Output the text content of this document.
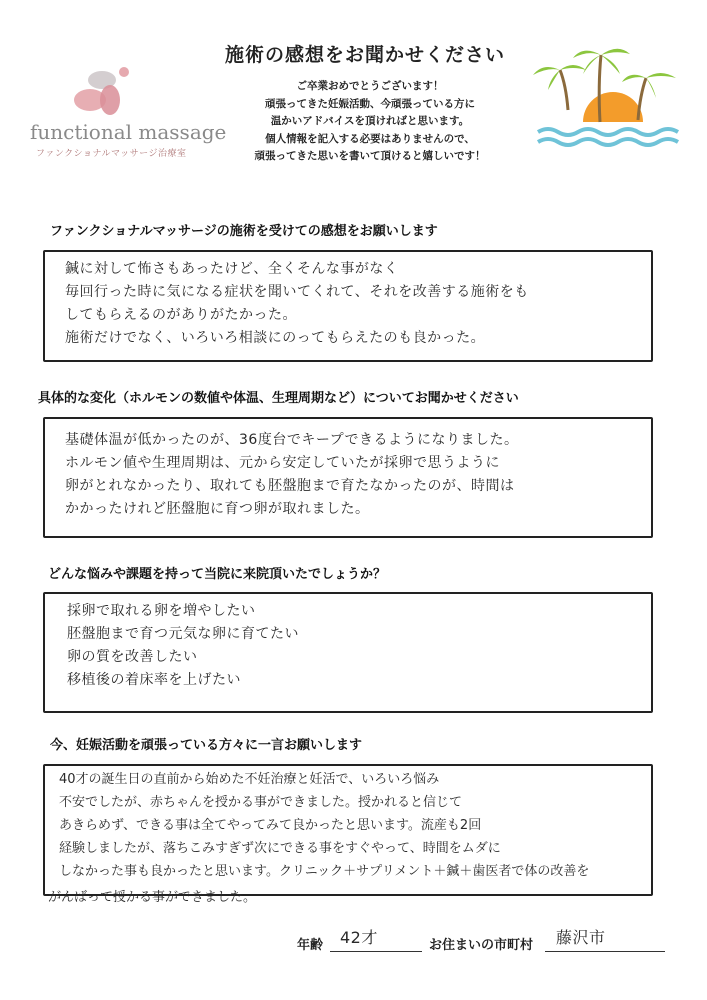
functional massage
ファンクショナルマッサージ治療室
施術の感想をお聞かせください
ご卒業おめでとうございます！
頑張ってきた妊娠活動、今頑張っている方に
温かいアドバイスを頂ければと思います。
個人情報を記入する必要はありませんので、
頑張ってきた思いを書いて頂けると嬉しいです！
ファンクショナルマッサージの施術を受けての感想をお願いします
鍼に対して怖さもあったけど、全くそんな事がなく
毎回行った時に気になる症状を聞いてくれて、それを改善する施術をも
してもらえるのがありがたかった。
施術だけでなく、いろいろ相談にのってもらえたのも良かった。
具体的な変化（ホルモンの数値や体温、生理周期など）についてお聞かせください
基礎体温が低かったのが、36度台でキープできるようになりました。
ホルモン値や生理周期は、元から安定していたが採卵で思うように
卵がとれなかったり、取れても胚盤胞まで育たなかったのが、時間は
かかったけれど胚盤胞に育つ卵が取れました。
どんな悩みや課題を持って当院に来院頂いたでしょうか？
採卵で取れる卵を増やしたい
胚盤胞まで育つ元気な卵に育てたい
卵の質を改善したい
移植後の着床率を上げたい
今、妊娠活動を頑張っている方々に一言お願いします
40才の誕生日の直前から始めた不妊治療と妊活で、いろいろ悩み
不安でしたが、赤ちゃんを授かる事ができました。授かれると信じて
あきらめず、できる事は全てやってみて良かったと思います。流産も2回
経験しましたが、落ちこみすぎず次にできる事をすぐやって、時間をムダに
しなかった事も良かったと思います。クリニック＋サプリメント＋鍼＋歯医者で体の改善を
がんばって授かる事ができました。
年齢 42才	お住まいの市町村 藤沢市
